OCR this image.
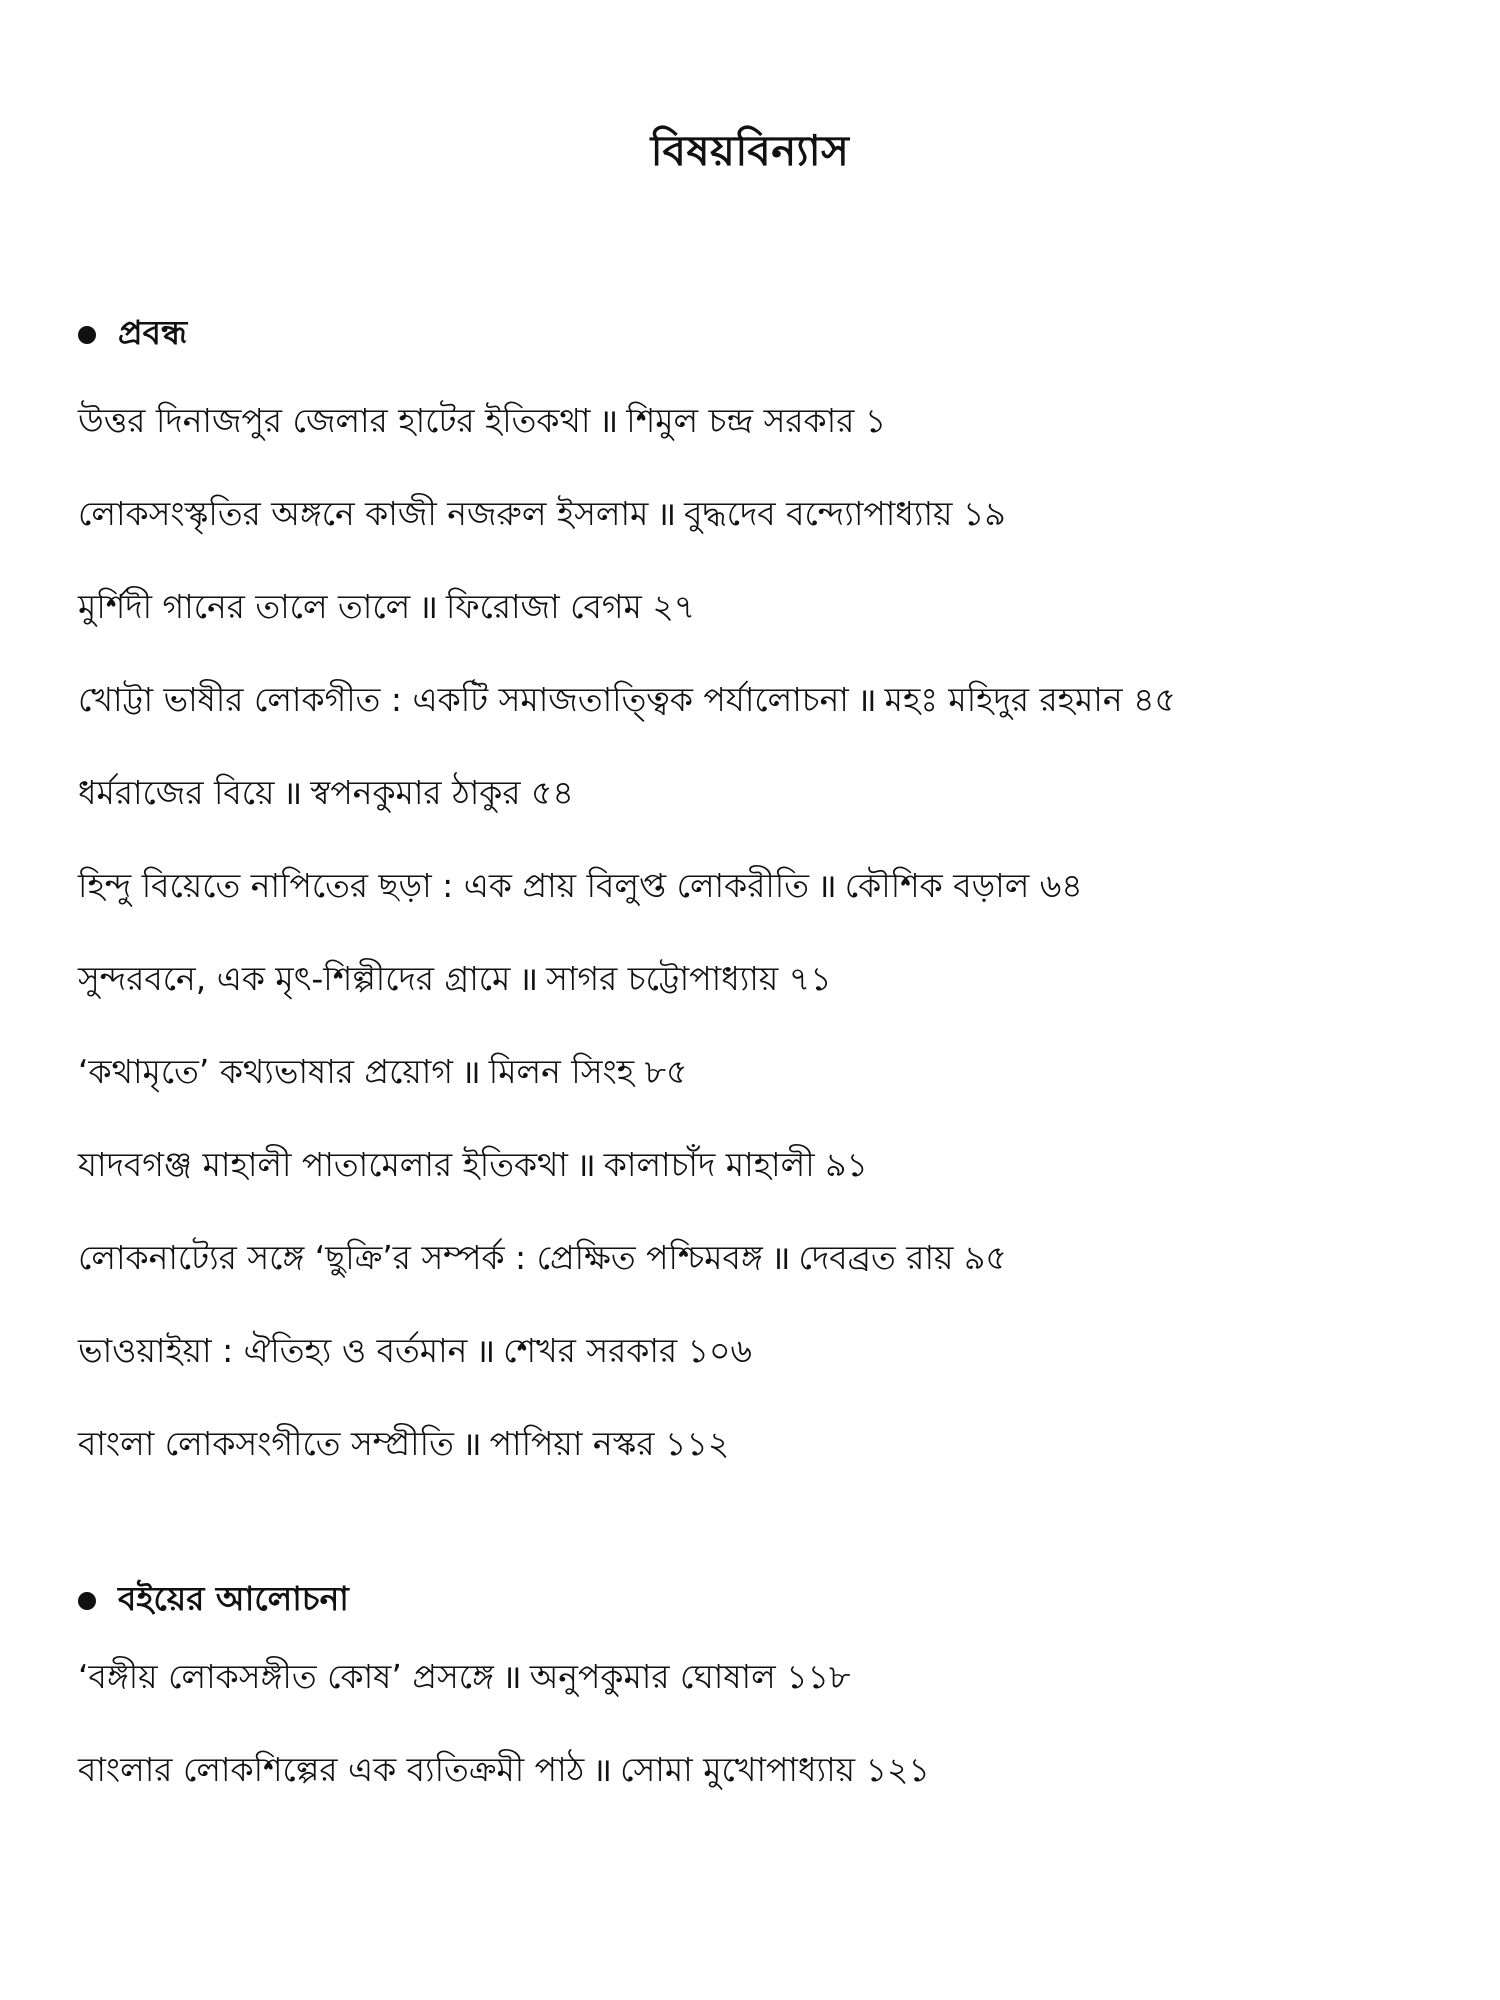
বিষয়বিন্যাস
প্রবন্ধ
উত্তর দিনাজপুর জেলার হাটের ইতিকথা ॥ শিমুল চন্দ্র সরকার ১
লোকসংস্কৃতির অঙ্গনে কাজী নজরুল ইসলাম ॥ বুদ্ধদেব বন্দ্যোপাধ্যায় ১৯
মুর্শিদী গানের তালে তালে ॥ ফিরোজা বেগম ২৭
খোট্টা ভাষীর লোকগীত : একটি সমাজতাত্ত্বিক পর্যালোচনা ॥ মহঃ মহিদুর রহমান ৪৫
ধর্মরাজের বিয়ে ॥ স্বপনকুমার ঠাকুর ৫৪
হিন্দু বিয়েতে নাপিতের ছড়া : এক প্রায় বিলুপ্ত লোকরীতি ॥ কৌশিক বড়াল ৬৪
সুন্দরবনে, এক মৃৎ-শিল্পীদের গ্রামে ॥ সাগর চট্টোপাধ্যায় ৭১
‘কথামৃতে’ কথ্যভাষার প্রয়োগ ॥ মিলন সিংহ ৮৫
যাদবগঞ্জ মাহালী পাতামেলার ইতিকথা ॥ কালাচাঁদ মাহালী ৯১
লোকনাট্যের সঙ্গে ‘ছুক্রি’র সম্পর্ক : প্রেক্ষিত পশ্চিমবঙ্গ ॥ দেবব্রত রায় ৯৫
ভাওয়াইয়া : ঐতিহ্য ও বর্তমান ॥ শেখর সরকার ১০৬
বাংলা লোকসংগীতে সম্প্রীতি ॥ পাপিয়া নস্কর ১১২
বইয়ের আলোচনা
‘বঙ্গীয় লোকসঙ্গীত কোষ’ প্রসঙ্গে ॥ অনুপকুমার ঘোষাল ১১৮
বাংলার লোকশিল্পের এক ব্যতিক্রমী পাঠ ॥ সোমা মুখোপাধ্যায় ১২১
